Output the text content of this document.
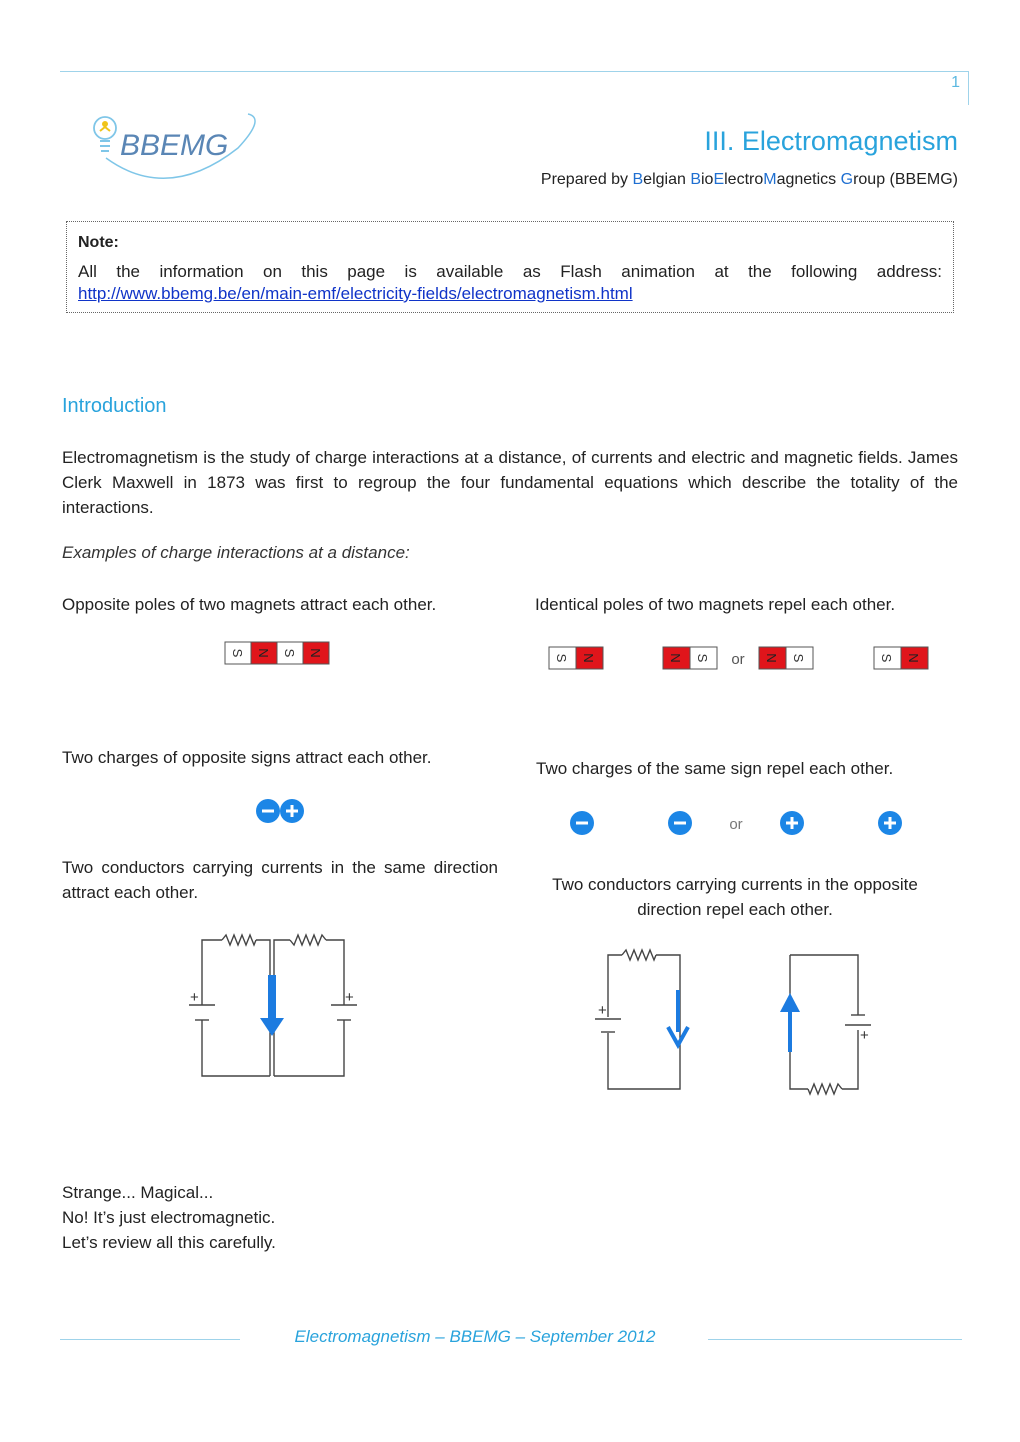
1
BBEMG	III. Electromagnetism
Prepared by Belgian BioElectroMagnetics Group (BBEMG)
Note:
All the information on this page is available as Flash animation at the following address:
http://www.bbemg.be/en/main-emf/electricity-fields/electromagnetism.html
Introduction
Electromagnetism is the study of charge interactions at a distance, of currents and electric and magnetic fields. James Clerk Maxwell in 1873 was first to regroup the four fundamental equations which describe the totality of the interactions.
Examples of charge interactions at a distance:
Opposite poles of two magnets attract each other.	Identical poles of two magnets repel each other.
S N S N
S N	N S or N S	S N
Two charges of opposite signs attract each other.
Two charges of the same sign repel each other.
or
Two conductors carrying currents in the same direction attract each other.	Two conductors carrying currents in the opposite direction repel each other.
+	+
+
+
Strange... Magical...
No! It’s just electromagnetic.
Let’s review all this carefully.
Electromagnetism – BBEMG – September 2012
